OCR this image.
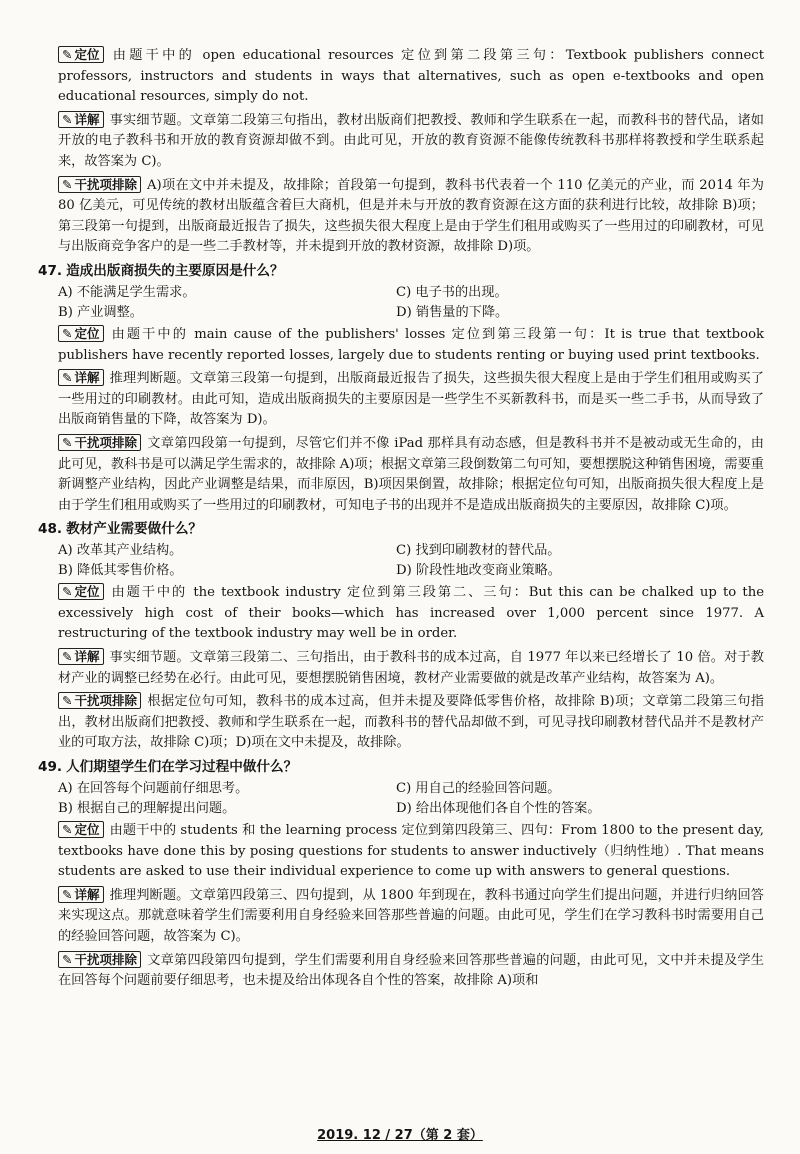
✎ 定位 由题干中的 open educational resources 定位到第二段第三句：Textbook publishers connect professors, instructors and students in ways that alternatives, such as open e-textbooks and open educational resources, simply do not.

✎ 详解 事实细节题。文章第二段第三句指出，教材出版商们把教授、教师和学生联系在一起，而教科书的替代品，诸如开放的电子教科书和开放的教育资源却做不到。由此可见，开放的教育资源不能像传统教科书那样将教授和学生联系起来，故答案为 C)。

✎ 干扰项排除 A)项在文中并未提及，故排除；首段第一句提到，教科书代表着一个 110 亿美元的产业，而 2014 年为 80 亿美元，可见传统的教材出版蕴含着巨大商机，但是并未与开放的教育资源在这方面的获利进行比较，故排除 B)项；第三段第一句提到，出版商最近报告了损失，这些损失很大程度上是由于学生们租用或购买了一些用过的印刷教材，可见与出版商竞争客户的是一些二手教材等，并未提到开放的教材资源，故排除 D)项。

47. 造成出版商损失的主要原因是什么？
A) 不能满足学生需求。	C) 电子书的出现。
B) 产业调整。	D) 销售量的下降。

✎ 定位 由题干中的 main cause of the publishers' losses 定位到第三段第一句：It is true that textbook publishers have recently reported losses, largely due to students renting or buying used print textbooks.

✎ 详解 推理判断题。文章第三段第一句提到，出版商最近报告了损失，这些损失很大程度上是由于学生们租用或购买了一些用过的印刷教材。由此可知，造成出版商损失的主要原因是一些学生不买新教科书，而是买一些二手书，从而导致了出版商销售量的下降，故答案为 D)。

✎ 干扰项排除 文章第四段第一句提到，尽管它们并不像 iPad 那样具有动态感，但是教科书并不是被动或无生命的，由此可见，教科书是可以满足学生需求的，故排除 A)项；根据文章第三段倒数第二句可知，要想摆脱这种销售困境，需要重新调整产业结构，因此产业调整是结果，而非原因，B)项因果倒置，故排除；根据定位句可知，出版商损失很大程度上是由于学生们租用或购买了一些用过的印刷教材，可知电子书的出现并不是造成出版商损失的主要原因，故排除 C)项。

48. 教材产业需要做什么？
A) 改革其产业结构。	C) 找到印刷教材的替代品。
B) 降低其零售价格。	D) 阶段性地改变商业策略。

✎ 定位 由题干中的 the textbook industry 定位到第三段第二、三句：But this can be chalked up to the excessively high cost of their books—which has increased over 1,000 percent since 1977. A restructuring of the textbook industry may well be in order.

✎ 详解 事实细节题。文章第三段第二、三句指出，由于教科书的成本过高，自 1977 年以来已经增长了 10 倍。对于教材产业的调整已经势在必行。由此可见，要想摆脱销售困境，教材产业需要做的就是改革产业结构，故答案为 A)。

✎ 干扰项排除 根据定位句可知，教科书的成本过高，但并未提及要降低零售价格，故排除 B)项；文章第二段第三句指出，教材出版商们把教授、教师和学生联系在一起，而教科书的替代品却做不到，可见寻找印刷教材替代品并不是教材产业的可取方法，故排除 C)项；D)项在文中未提及，故排除。

49. 人们期望学生们在学习过程中做什么？
A) 在回答每个问题前仔细思考。	C) 用自己的经验回答问题。
B) 根据自己的理解提出问题。	D) 给出体现他们各自个性的答案。

✎ 定位 由题干中的 students 和 the learning process 定位到第四段第三、四句：From 1800 to the present day, textbooks have done this by posing questions for students to answer inductively（归纳性地）. That means students are asked to use their individual experience to come up with answers to general questions.

✎ 详解 推理判断题。文章第四段第三、四句提到，从 1800 年到现在，教科书通过向学生们提出问题，并进行归纳回答来实现这点。那就意味着学生们需要利用自身经验来回答那些普遍的问题。由此可见，学生们在学习教科书时需要用自己的经验回答问题，故答案为 C)。

✎ 干扰项排除 文章第四段第四句提到，学生们需要利用自身经验来回答那些普遍的问题，由此可见，文中并未提及学生在回答每个问题前要仔细思考，也未提及给出体现各自个性的答案，故排除 A)项和

2019. 12 / 27（第 2 套）
